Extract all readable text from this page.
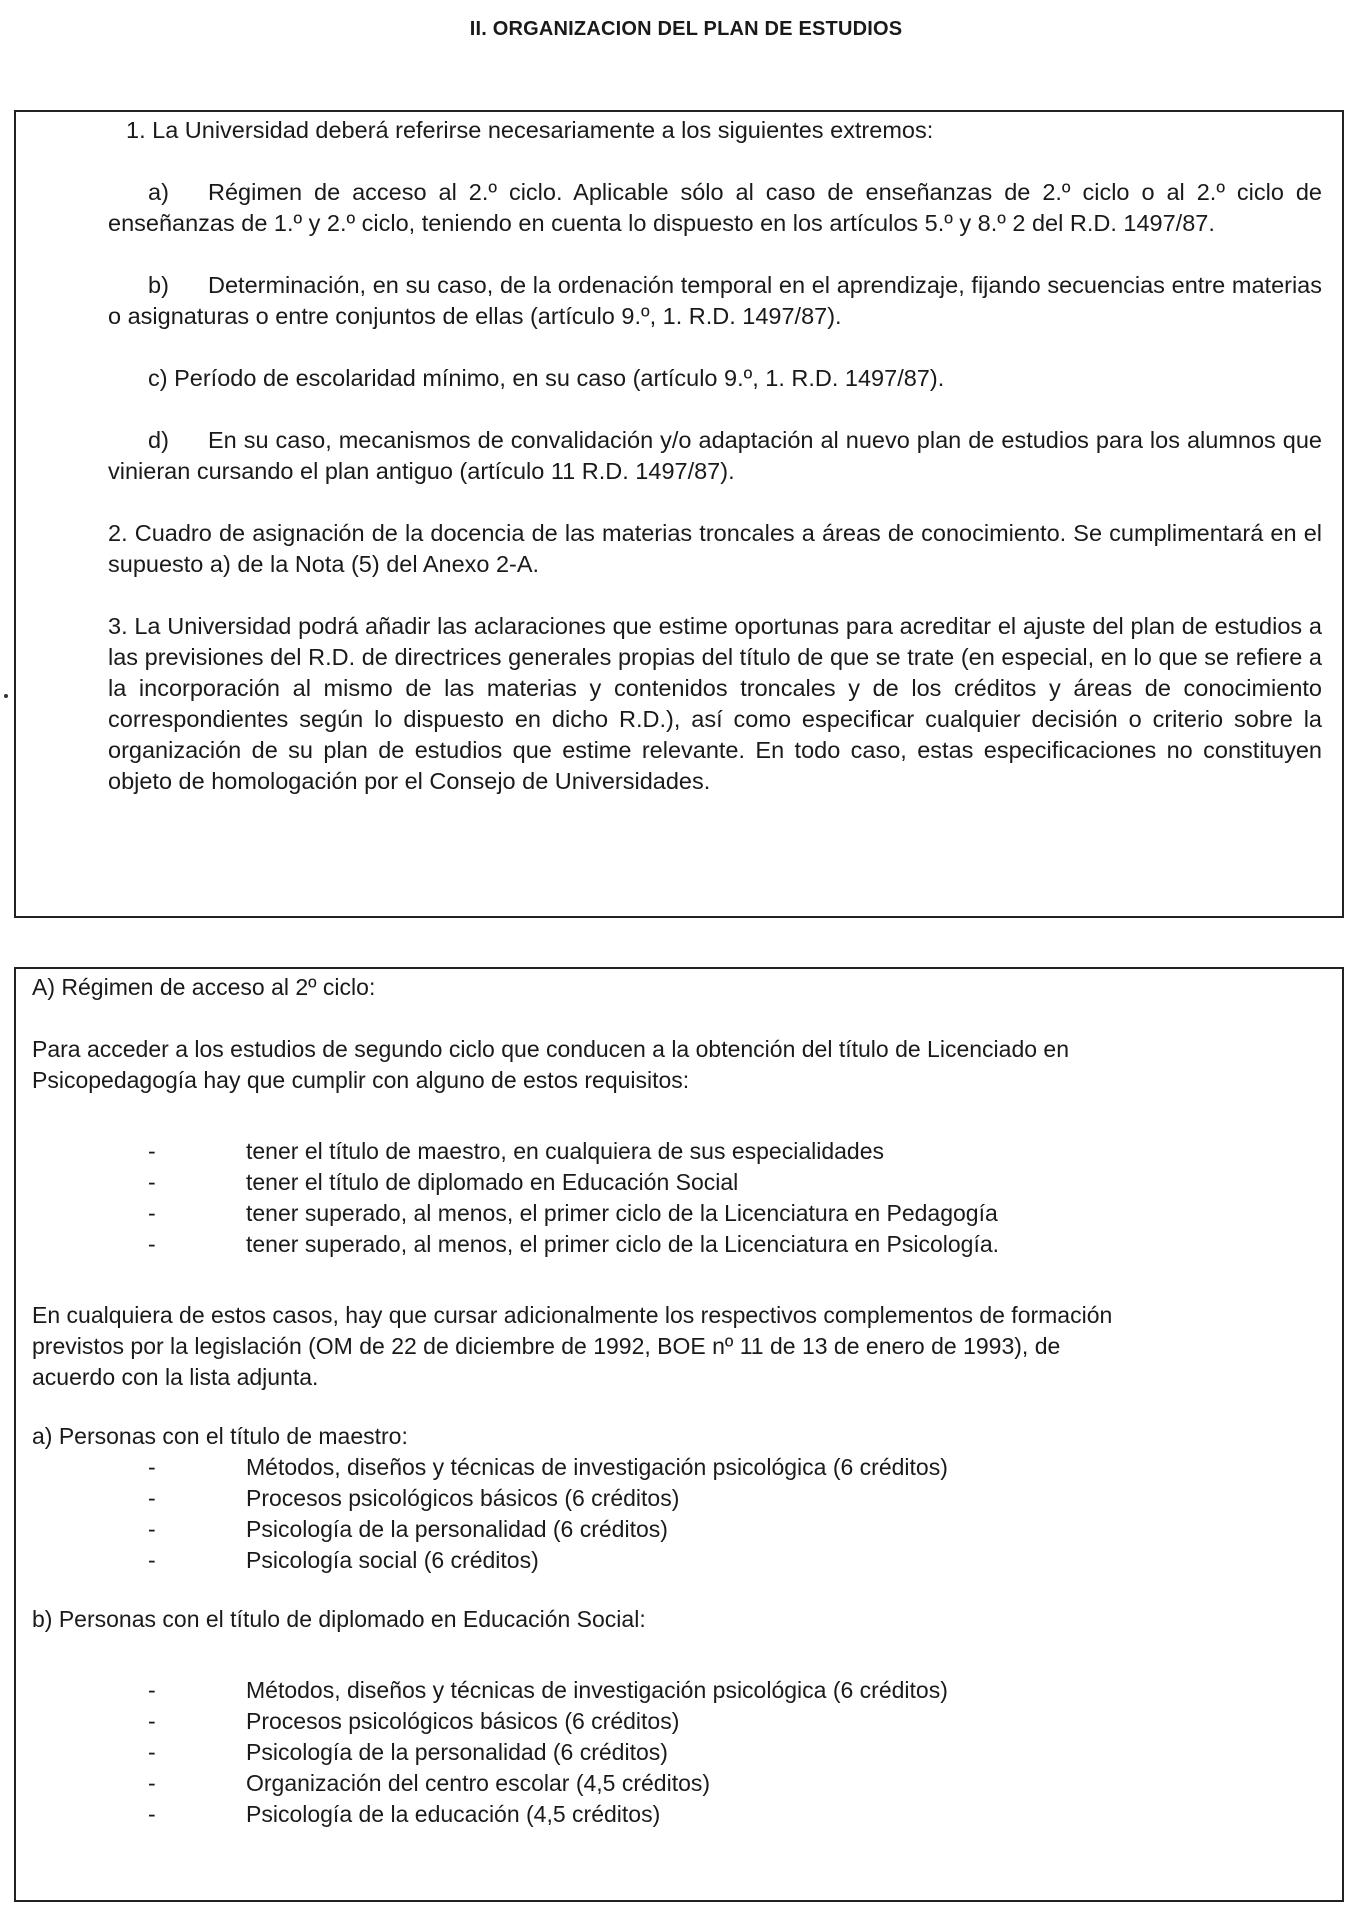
II. ORGANIZACION DEL PLAN DE ESTUDIOS

1. La Universidad deberá referirse necesariamente a los siguientes extremos:

a) Régimen de acceso al 2.º ciclo. Aplicable sólo al caso de enseñanzas de 2.º ciclo o al 2.º ciclo de enseñanzas de 1.º y 2.º ciclo, teniendo en cuenta lo dispuesto en los artículos 5.º y 8.º 2 del R.D. 1497/87.

b) Determinación, en su caso, de la ordenación temporal en el aprendizaje, fijando secuencias entre materias o asignaturas o entre conjuntos de ellas (artículo 9.º, 1. R.D. 1497/87).

c) Período de escolaridad mínimo, en su caso (artículo 9.º, 1. R.D. 1497/87).

d) En su caso, mecanismos de convalidación y/o adaptación al nuevo plan de estudios para los alumnos que vinieran cursando el plan antiguo (artículo 11 R.D. 1497/87).

2. Cuadro de asignación de la docencia de las materias troncales a áreas de conocimiento. Se cumplimentará en el supuesto a) de la Nota (5) del Anexo 2-A.

3. La Universidad podrá añadir las aclaraciones que estime oportunas para acreditar el ajuste del plan de estudios a las previsiones del R.D. de directrices generales propias del título de que se trate (en especial, en lo que se refiere a la incorporación al mismo de las materias y contenidos troncales y de los créditos y áreas de conocimiento correspondientes según lo dispuesto en dicho R.D.), así como especificar cualquier decisión o criterio sobre la organización de su plan de estudios que estime relevante. En todo caso, estas especificaciones no constituyen objeto de homologación por el Consejo de Universidades.

A) Régimen de acceso al 2º ciclo:

Para acceder a los estudios de segundo ciclo que conducen a la obtención del título de Licenciado en

Psicopedagogía hay que cumplir con alguno de estos requisitos:

-	tener el título de maestro, en cualquiera de sus especialidades
-	tener el título de diplomado en Educación Social
-	tener superado, al menos, el primer ciclo de la Licenciatura en Pedagogía
-	tener superado, al menos, el primer ciclo de la Licenciatura en Psicología.

En cualquiera de estos casos, hay que cursar adicionalmente los respectivos complementos de formación

previstos por la legislación (OM de 22 de diciembre de 1992, BOE nº 11 de 13 de enero de 1993), de

acuerdo con la lista adjunta.

a) Personas con el título de maestro:

-	Métodos, diseños y técnicas de investigación psicológica (6 créditos)
-	Procesos psicológicos básicos (6 créditos)
-	Psicología de la personalidad (6 créditos)
-	Psicología social (6 créditos)

b) Personas con el título de diplomado en Educación Social:

-	Métodos, diseños y técnicas de investigación psicológica (6 créditos)
-	Procesos psicológicos básicos (6 créditos)
-	Psicología de la personalidad (6 créditos)
-	Organización del centro escolar (4,5 créditos)
-	Psicología de la educación (4,5 créditos)
